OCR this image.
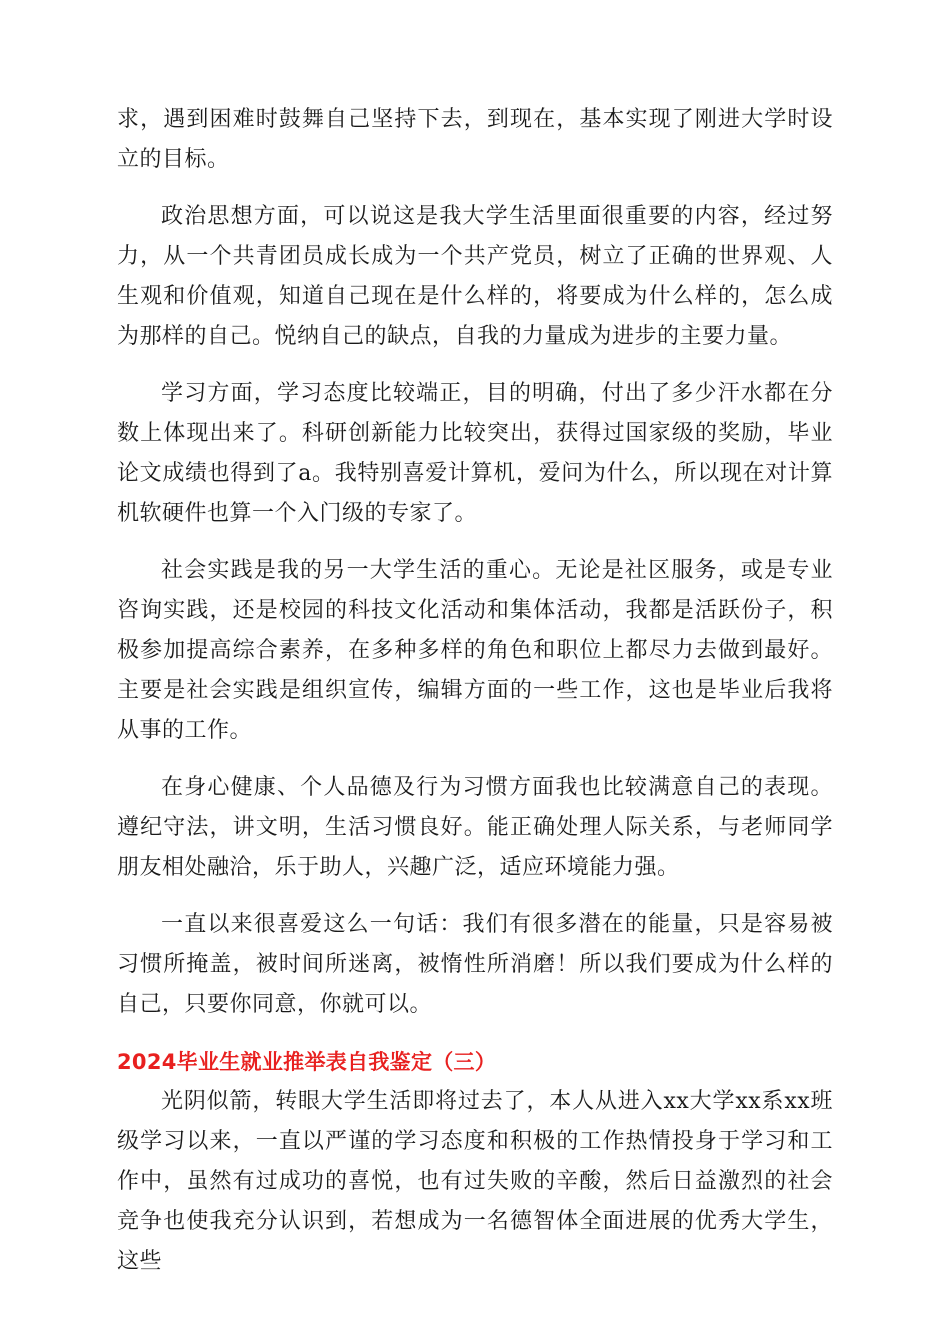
求，遇到困难时鼓舞自己坚持下去，到现在，基本实现了刚进大学时设立的目标。

政治思想方面，可以说这是我大学生活里面很重要的内容，经过努力，从一个共青团员成长成为一个共产党员，树立了正确的世界观、人生观和价值观，知道自己现在是什么样的，将要成为什么样的，怎么成为那样的自己。悦纳自己的缺点，自我的力量成为进步的主要力量。

学习方面，学习态度比较端正，目的明确，付出了多少汗水都在分数上体现出来了。科研创新能力比较突出，获得过国家级的奖励，毕业论文成绩也得到了a。我特别喜爱计算机，爱问为什么，所以现在对计算机软硬件也算一个入门级的专家了。

社会实践是我的另一大学生活的重心。无论是社区服务，或是专业咨询实践，还是校园的科技文化活动和集体活动，我都是活跃份子，积极参加提高综合素养，在多种多样的角色和职位上都尽力去做到最好。主要是社会实践是组织宣传，编辑方面的一些工作，这也是毕业后我将从事的工作。

在身心健康、个人品德及行为习惯方面我也比较满意自己的表现。遵纪守法，讲文明，生活习惯良好。能正确处理人际关系，与老师同学朋友相处融洽，乐于助人，兴趣广泛，适应环境能力强。

一直以来很喜爱这么一句话：我们有很多潜在的能量，只是容易被习惯所掩盖，被时间所迷离，被惰性所消磨！所以我们要成为什么样的自己，只要你同意，你就可以。

2024毕业生就业推举表自我鉴定（三）

光阴似箭，转眼大学生活即将过去了，本人从进入xx大学xx系xx班级学习以来，一直以严谨的学习态度和积极的工作热情投身于学习和工作中，虽然有过成功的喜悦，也有过失败的辛酸，然后日益激烈的社会竞争也使我充分认识到，若想成为一名德智体全面进展的优秀大学生，这些
